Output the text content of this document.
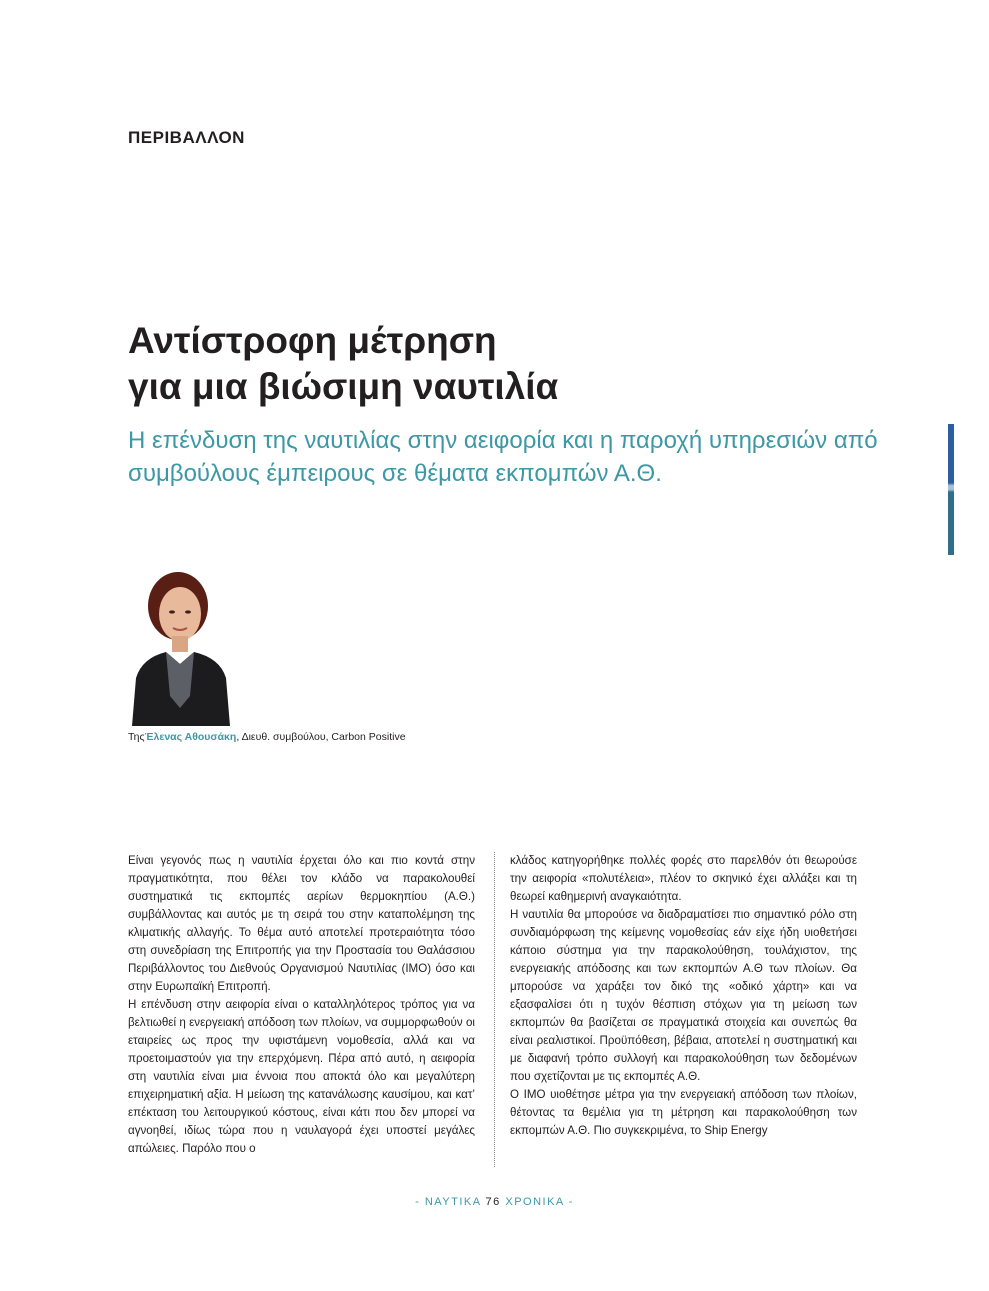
ΠΕΡΙΒΑΛΛΟΝ
Αντίστροφη μέτρηση
για μια βιώσιμη ναυτιλία

Η επένδυση της ναυτιλίας στην αειφορία και η παροχή υπηρεσιών από συμβούλους έμπειρους σε θέματα εκπομπών Α.Θ.

ΤηςΈλενας Αθουσάκη, Διευθ. συμβούλου, Carbon Positive

Είναι γεγονός πως η ναυτιλία έρχεται όλο και πιο κοντά στην πραγματικότητα, που θέλει τον κλάδο να παρακολουθεί συστηματικά τις εκπομπές αερίων θερμοκηπίου (Α.Θ.) συμβάλλοντας και αυτός με τη σειρά του στην καταπολέμηση της κλιματικής αλλαγής. Το θέμα αυτό αποτελεί προτεραιότητα τόσο στη συνεδρίαση της Επιτροπής για την Προστασία του Θαλάσσιου Περιβάλλοντος του Διεθνούς Οργανισμού Ναυτιλίας (IMO) όσο και στην Ευρωπαϊκή Επιτροπή.

Η επένδυση στην αειφορία είναι ο καταλληλότερος τρόπος για να βελτιωθεί η ενεργειακή απόδοση των πλοίων, να συμμορφωθούν οι εταιρείες ως προς την υφιστάμενη νομοθεσία, αλλά και να προετοιμαστούν για την επερχόμενη. Πέρα από αυτό, η αειφορία στη ναυτιλία είναι μια έννοια που αποκτά όλο και μεγαλύτερη επιχειρηματική αξία. Η μείωση της κατανάλωσης καυσίμου, και κατ’ επέκταση του λειτουργικού κόστους, είναι κάτι που δεν μπορεί να αγνοηθεί, ιδίως τώρα που η ναυλαγορά έχει υποστεί μεγάλες απώλειες. Παρόλο που ο

κλάδος κατηγορήθηκε πολλές φορές στο παρελθόν ότι θεωρούσε την αειφορία «πολυτέλεια», πλέον το σκηνικό έχει αλλάξει και τη θεωρεί καθημερινή αναγκαιότητα.

Η ναυτιλία θα μπορούσε να διαδραματίσει πιο σημαντικό ρόλο στη συνδιαμόρφωση της κείμενης νομοθεσίας εάν είχε ήδη υιοθετήσει κάποιο σύστημα για την παρακολούθηση, τουλάχιστον, της ενεργειακής απόδοσης και των εκπομπών Α.Θ των πλοίων. Θα μπορούσε να χαράξει τον δικό της «οδικό χάρτη» και να εξασφαλίσει ότι η τυχόν θέσπιση στόχων για τη μείωση των εκπομπών θα βασίζεται σε πραγματικά στοιχεία και συνεπώς θα είναι ρεαλιστικοί. Προϋπόθεση, βέβαια, αποτελεί η συστηματική και με διαφανή τρόπο συλλογή και παρακολούθηση των δεδομένων που σχετίζονται με τις εκπομπές Α.Θ.

Ο IMO υιοθέτησε μέτρα για την ενεργειακή απόδοση των πλοίων, θέτοντας τα θεμέλια για τη μέτρηση και παρακολούθηση των εκπομπών Α.Θ. Πιο συγκεκριμένα, το Ship Energy

- ΝΑΥΤΙΚΑ 76 ΧΡΟΝΙΚΑ -
